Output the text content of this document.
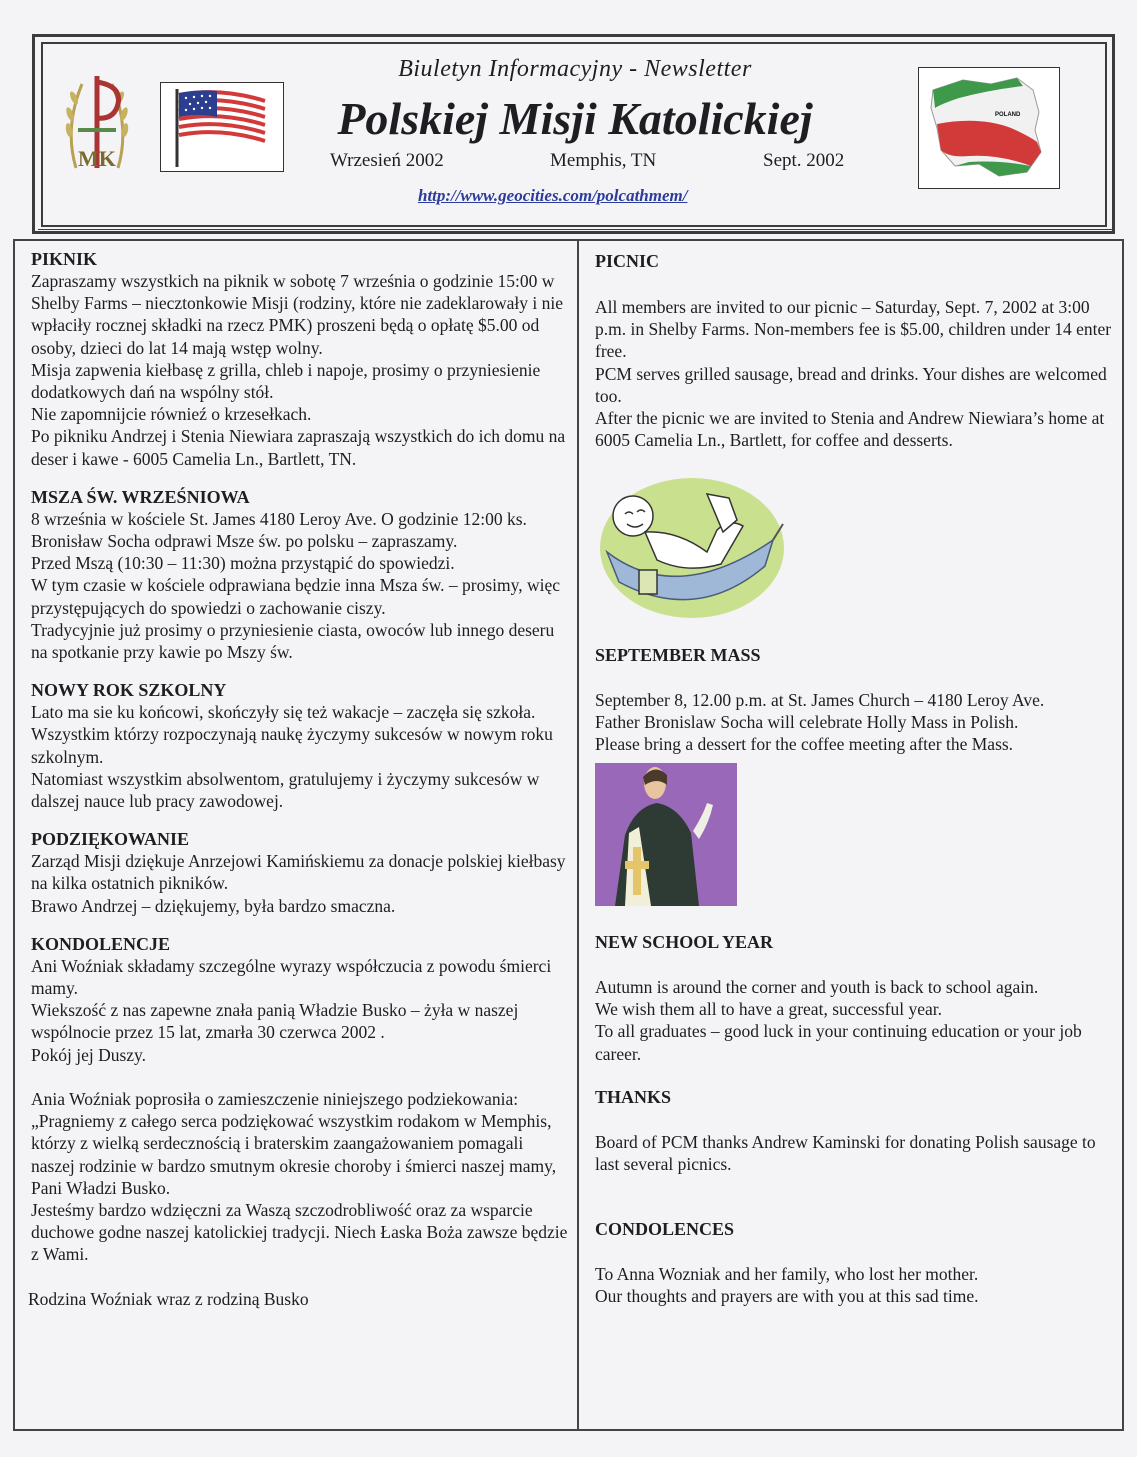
MK
POLAND
Biuletyn Informacyjny - Newsletter
Polskiej Misji Katolickiej
Wrzesień 2002	Memphis, TN	Sept. 2002
http://www.geocities.com/polcathmem/
PIKNIK

Zapraszamy wszystkich na piknik w sobotę 7 września o godzinie 15:00 w Shelby Farms – niecztonkowie Misji (rodziny, które nie zadeklarowały i nie wpłaciły rocznej składki na rzecz PMK) proszeni będą o opłatę $5.00 od osoby, dzieci do lat 14 mają wstęp wolny.
Misja zapwenia kiełbasę z grilla, chleb i napoje, prosimy o przyniesienie dodatkowych dań na wspólny stół.
Nie zapomnijcie równieź o krzesełkach.
Po pikniku Andrzej i Stenia Niewiara zapraszają wszystkich do ich domu na deser i kawe - 6005 Camelia Ln., Bartlett, TN.

MSZA ŚW. WRZEŚNIOWA

8 września w kościele St. James 4180 Leroy Ave. O godzinie 12:00 ks. Bronisław Socha odprawi Msze św. po polsku – zapraszamy.
Przed Mszą (10:30 – 11:30) można przystąpić do spowiedzi.
W tym czasie w kościele odprawiana będzie inna Msza św. – prosimy, więc przystępujących do spowiedzi o zachowanie ciszy.
Tradycyjnie już prosimy o przyniesienie ciasta, owoców lub innego deseru na spotkanie przy kawie po Mszy św.

NOWY ROK SZKOLNY

Lato ma sie ku końcowi, skończyły się też wakacje – zaczęła się szkoła. Wszystkim którzy rozpoczynają naukę życzymy sukcesów w nowym roku szkolnym.
Natomiast wszystkim absolwentom, gratulujemy i życzymy sukcesów w dalszej nauce lub pracy zawodowej.

PODZIĘKOWANIE

Zarząd Misji dziękuje Anrzejowi Kamińskiemu za donacje polskiej kiełbasy na kilka ostatnich pikników.
Brawo Andrzej – dziękujemy, była bardzo smaczna.

KONDOLENCJE

Ani Woźniak składamy szczególne wyrazy współczucia z powodu śmierci mamy.
Wiekszość z nas zapewne znała panią Władzie Busko – żyła w naszej wspólnocie przez 15 lat, zmarła 30 czerwca 2002 .
Pokój jej Duszy.

Ania Woźniak poprosiła o zamieszczenie niniejszego podziekowania:

„Pragniemy z całego serca podziękować wszystkim rodakom w Memphis, którzy z wielką serdecznością i braterskim zaangażowaniem pomagali naszej rodzinie w bardzo smutnym okresie choroby i śmierci naszej mamy, Pani Władzi Busko.
Jesteśmy bardzo wdzięczni za Waszą szczodrobliwość oraz za wsparcie duchowe godne naszej katolickiej tradycji. Niech Łaska Boża zawsze będzie z Wami.

Rodzina Woźniak wraz z rodziną Busko

PICNIC

All members are invited to our picnic – Saturday, Sept. 7, 2002 at 3:00 p.m. in Shelby Farms. Non-members fee is $5.00, children under 14 enter free.
PCM serves grilled sausage, bread and drinks. Your dishes are welcomed too.
After the picnic we are invited to Stenia and Andrew Niewiara’s home at 6005 Camelia Ln., Bartlett, for coffee and desserts.

SEPTEMBER MASS

September 8, 12.00 p.m. at St. James Church – 4180 Leroy Ave.
Father Bronislaw Socha will celebrate Holly Mass in Polish.
Please bring a dessert for the coffee meeting after the Mass.

NEW SCHOOL YEAR

Autumn is around the corner and youth is back to school again.
We wish them all to have a great, successful year.
To all graduates – good luck in your continuing education or your job career.

THANKS

Board of PCM thanks Andrew Kaminski for donating Polish sausage to last several picnics.

CONDOLENCES

To Anna Wozniak and her family, who lost her mother.
Our thoughts and prayers are with you at this sad time.
